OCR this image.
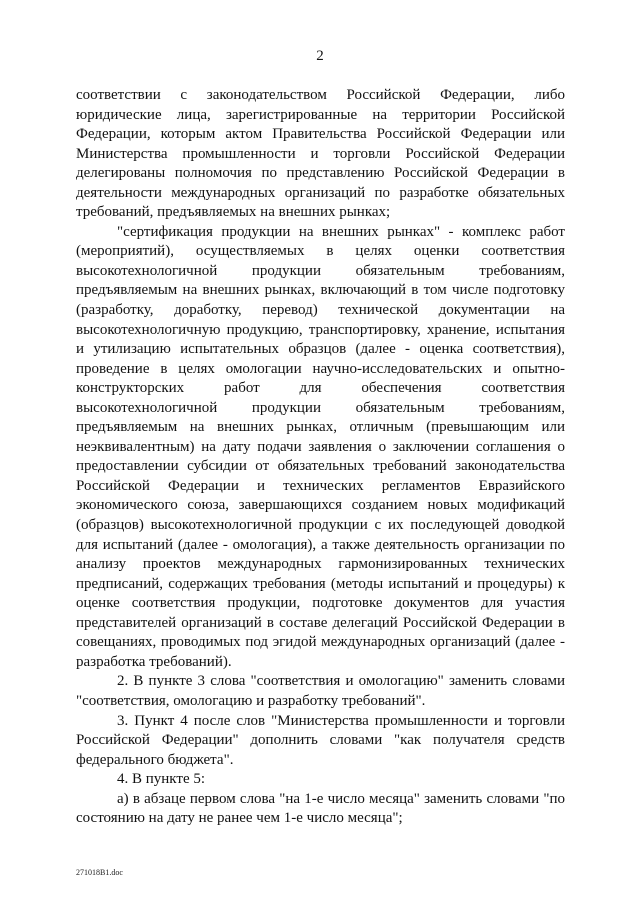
2

соответствии с законодательством Российской Федерации, либо юридические лица, зарегистрированные на территории Российской Федерации, которым актом Правительства Российской Федерации или Министерства промышленности и торговли Российской Федерации делегированы полномочия по представлению Российской Федерации в деятельности международных организаций по разработке обязательных требований, предъявляемых на внешних рынках;

"сертификация продукции на внешних рынках" - комплекс работ (мероприятий), осуществляемых в целях оценки соответствия высокотехнологичной продукции обязательным требованиям, предъявляемым на внешних рынках, включающий в том числе подготовку (разработку, доработку, перевод) технической документации на высокотехнологичную продукцию, транспортировку, хранение, испытания и утилизацию испытательных образцов (далее - оценка соответствия), проведение в целях омологации научно-исследовательских и опытно-конструкторских работ для обеспечения соответствия высокотехнологичной продукции обязательным требованиям, предъявляемым на внешних рынках, отличным (превышающим или неэквивалентным) на дату подачи заявления о заключении соглашения о предоставлении субсидии от обязательных требований законодательства Российской Федерации и технических регламентов Евразийского экономического союза, завершающихся созданием новых модификаций (образцов) высокотехнологичной продукции с их последующей доводкой для испытаний (далее - омологация), а также деятельность организации по анализу проектов международных гармонизированных технических предписаний, содержащих требования (методы испытаний и процедуры) к оценке соответствия продукции, подготовке документов для участия представителей организаций в составе делегаций Российской Федерации в совещаниях, проводимых под эгидой международных организаций (далее - разработка требований).

2. В пункте 3 слова "соответствия и омологацию" заменить словами "соответствия, омологацию и разработку требований".

3. Пункт 4 после слов "Министерства промышленности и торговли Российской Федерации" дополнить словами "как получателя средств федерального бюджета".

4. В пункте 5:

а) в абзаце первом слова "на 1-е число месяца" заменить словами "по состоянию на дату не ранее чем 1-е число месяца";

271018B1.doc
